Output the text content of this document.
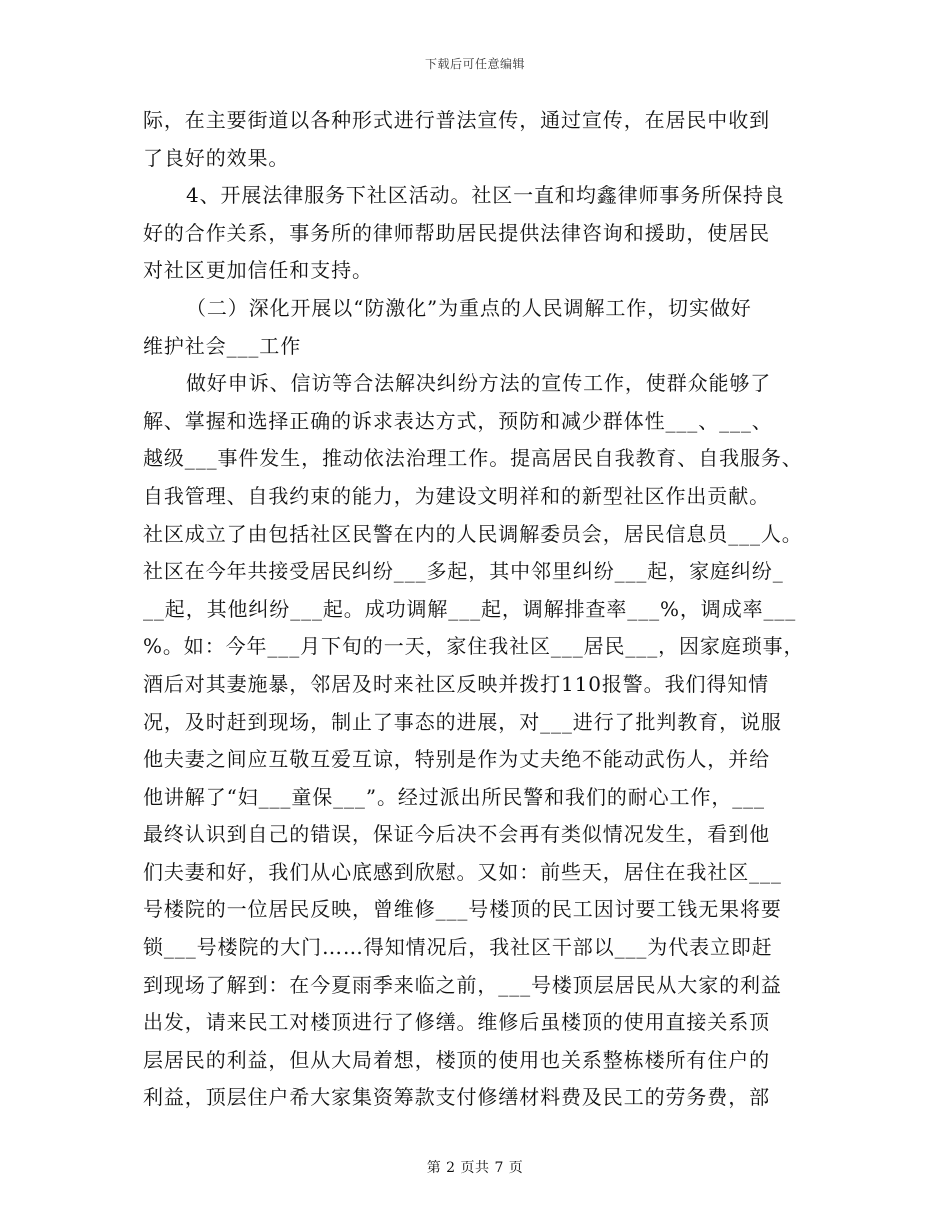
下载后可任意编辑
际，在主要街道以各种形式进行普法宣传，通过宣传，在居民中收到
了良好的效果。
4、开展法律服务下社区活动。社区一直和均鑫律师事务所保持良
好的合作关系，事务所的律师帮助居民提供法律咨询和援助，使居民
对社区更加信任和支持。
（二）深化开展以“防激化”为重点的人民调解工作，切实做好
维护社会___工作
做好申诉、信访等合法解决纠纷方法的宣传工作，使群众能够了
解、掌握和选择正确的诉求表达方式，预防和减少群体性___、___、
越级___事件发生，推动依法治理工作。提高居民自我教育、自我服务、
自我管理、自我约束的能力，为建设文明祥和的新型社区作出贡献。
社区成立了由包括社区民警在内的人民调解委员会，居民信息员___人。
社区在今年共接受居民纠纷___多起，其中邻里纠纷___起，家庭纠纷_
__起，其他纠纷___起。成功调解___起，调解排查率___%，调成率___
%。如：今年___月下旬的一天，家住我社区___居民___，因家庭琐事，
酒后对其妻施暴，邻居及时来社区反映并拨打110报警。我们得知情
况，及时赶到现场，制止了事态的进展，对___进行了批判教育，说服
他夫妻之间应互敬互爱互谅，特别是作为丈夫绝不能动武伤人，并给
他讲解了“妇___童保___”。经过派出所民警和我们的耐心工作，___
最终认识到自己的错误，保证今后决不会再有类似情况发生，看到他
们夫妻和好，我们从心底感到欣慰。又如：前些天，居住在我社区___
号楼院的一位居民反映，曾维修___号楼顶的民工因讨要工钱无果将要
锁___号楼院的大门……得知情况后，我社区干部以___为代表立即赶
到现场了解到：在今夏雨季来临之前，___号楼顶层居民从大家的利益
出发，请来民工对楼顶进行了修缮。维修后虽楼顶的使用直接关系顶
层居民的利益，但从大局着想，楼顶的使用也关系整栋楼所有住户的
利益，顶层住户希大家集资筹款支付修缮材料费及民工的劳务费，部
第 2 页共 7 页
